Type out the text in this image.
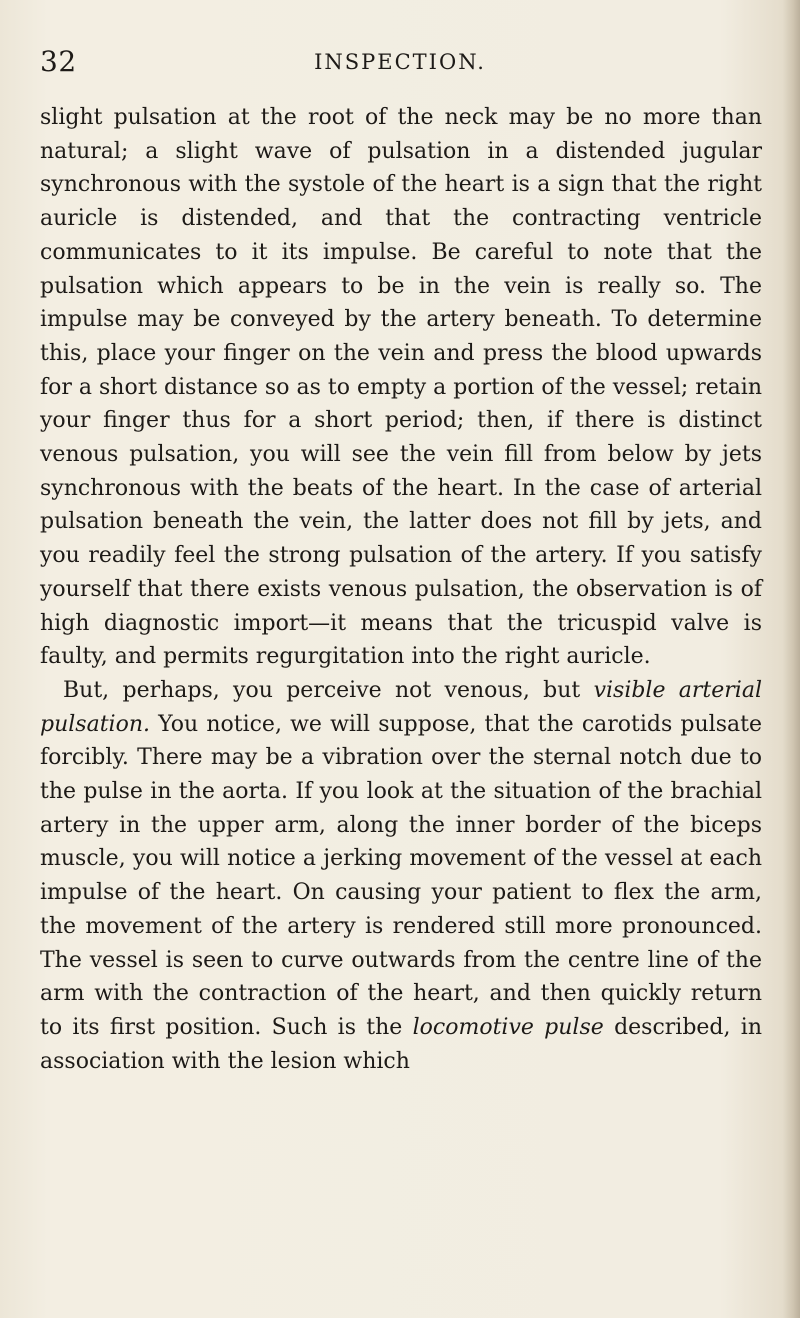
32	INSPECTION.

slight pulsation at the root of the neck may be no more than natural; a slight wave of pulsation in a distended jugular synchronous with the systole of the heart is a sign that the right auricle is distended, and that the contracting ventricle communicates to it its impulse. Be careful to note that the pulsation which appears to be in the vein is really so. The impulse may be conveyed by the artery beneath. To determine this, place your finger on the vein and press the blood upwards for a short distance so as to empty a portion of the vessel; retain your finger thus for a short period; then, if there is distinct venous pulsation, you will see the vein fill from below by jets synchronous with the beats of the heart. In the case of arterial pulsation beneath the vein, the latter does not fill by jets, and you readily feel the strong pulsation of the artery. If you satisfy yourself that there exists venous pulsation, the observation is of high diagnostic import—it means that the tricuspid valve is faulty, and permits regurgitation into the right auricle.

But, perhaps, you perceive not venous, but visible arterial pulsation. You notice, we will suppose, that the carotids pulsate forcibly. There may be a vibration over the sternal notch due to the pulse in the aorta. If you look at the situation of the brachial artery in the upper arm, along the inner border of the biceps muscle, you will notice a jerking movement of the vessel at each impulse of the heart. On causing your patient to flex the arm, the movement of the artery is rendered still more pronounced. The vessel is seen to curve outwards from the centre line of the arm with the contraction of the heart, and then quickly return to its first position. Such is the locomotive pulse described, in association with the lesion which
